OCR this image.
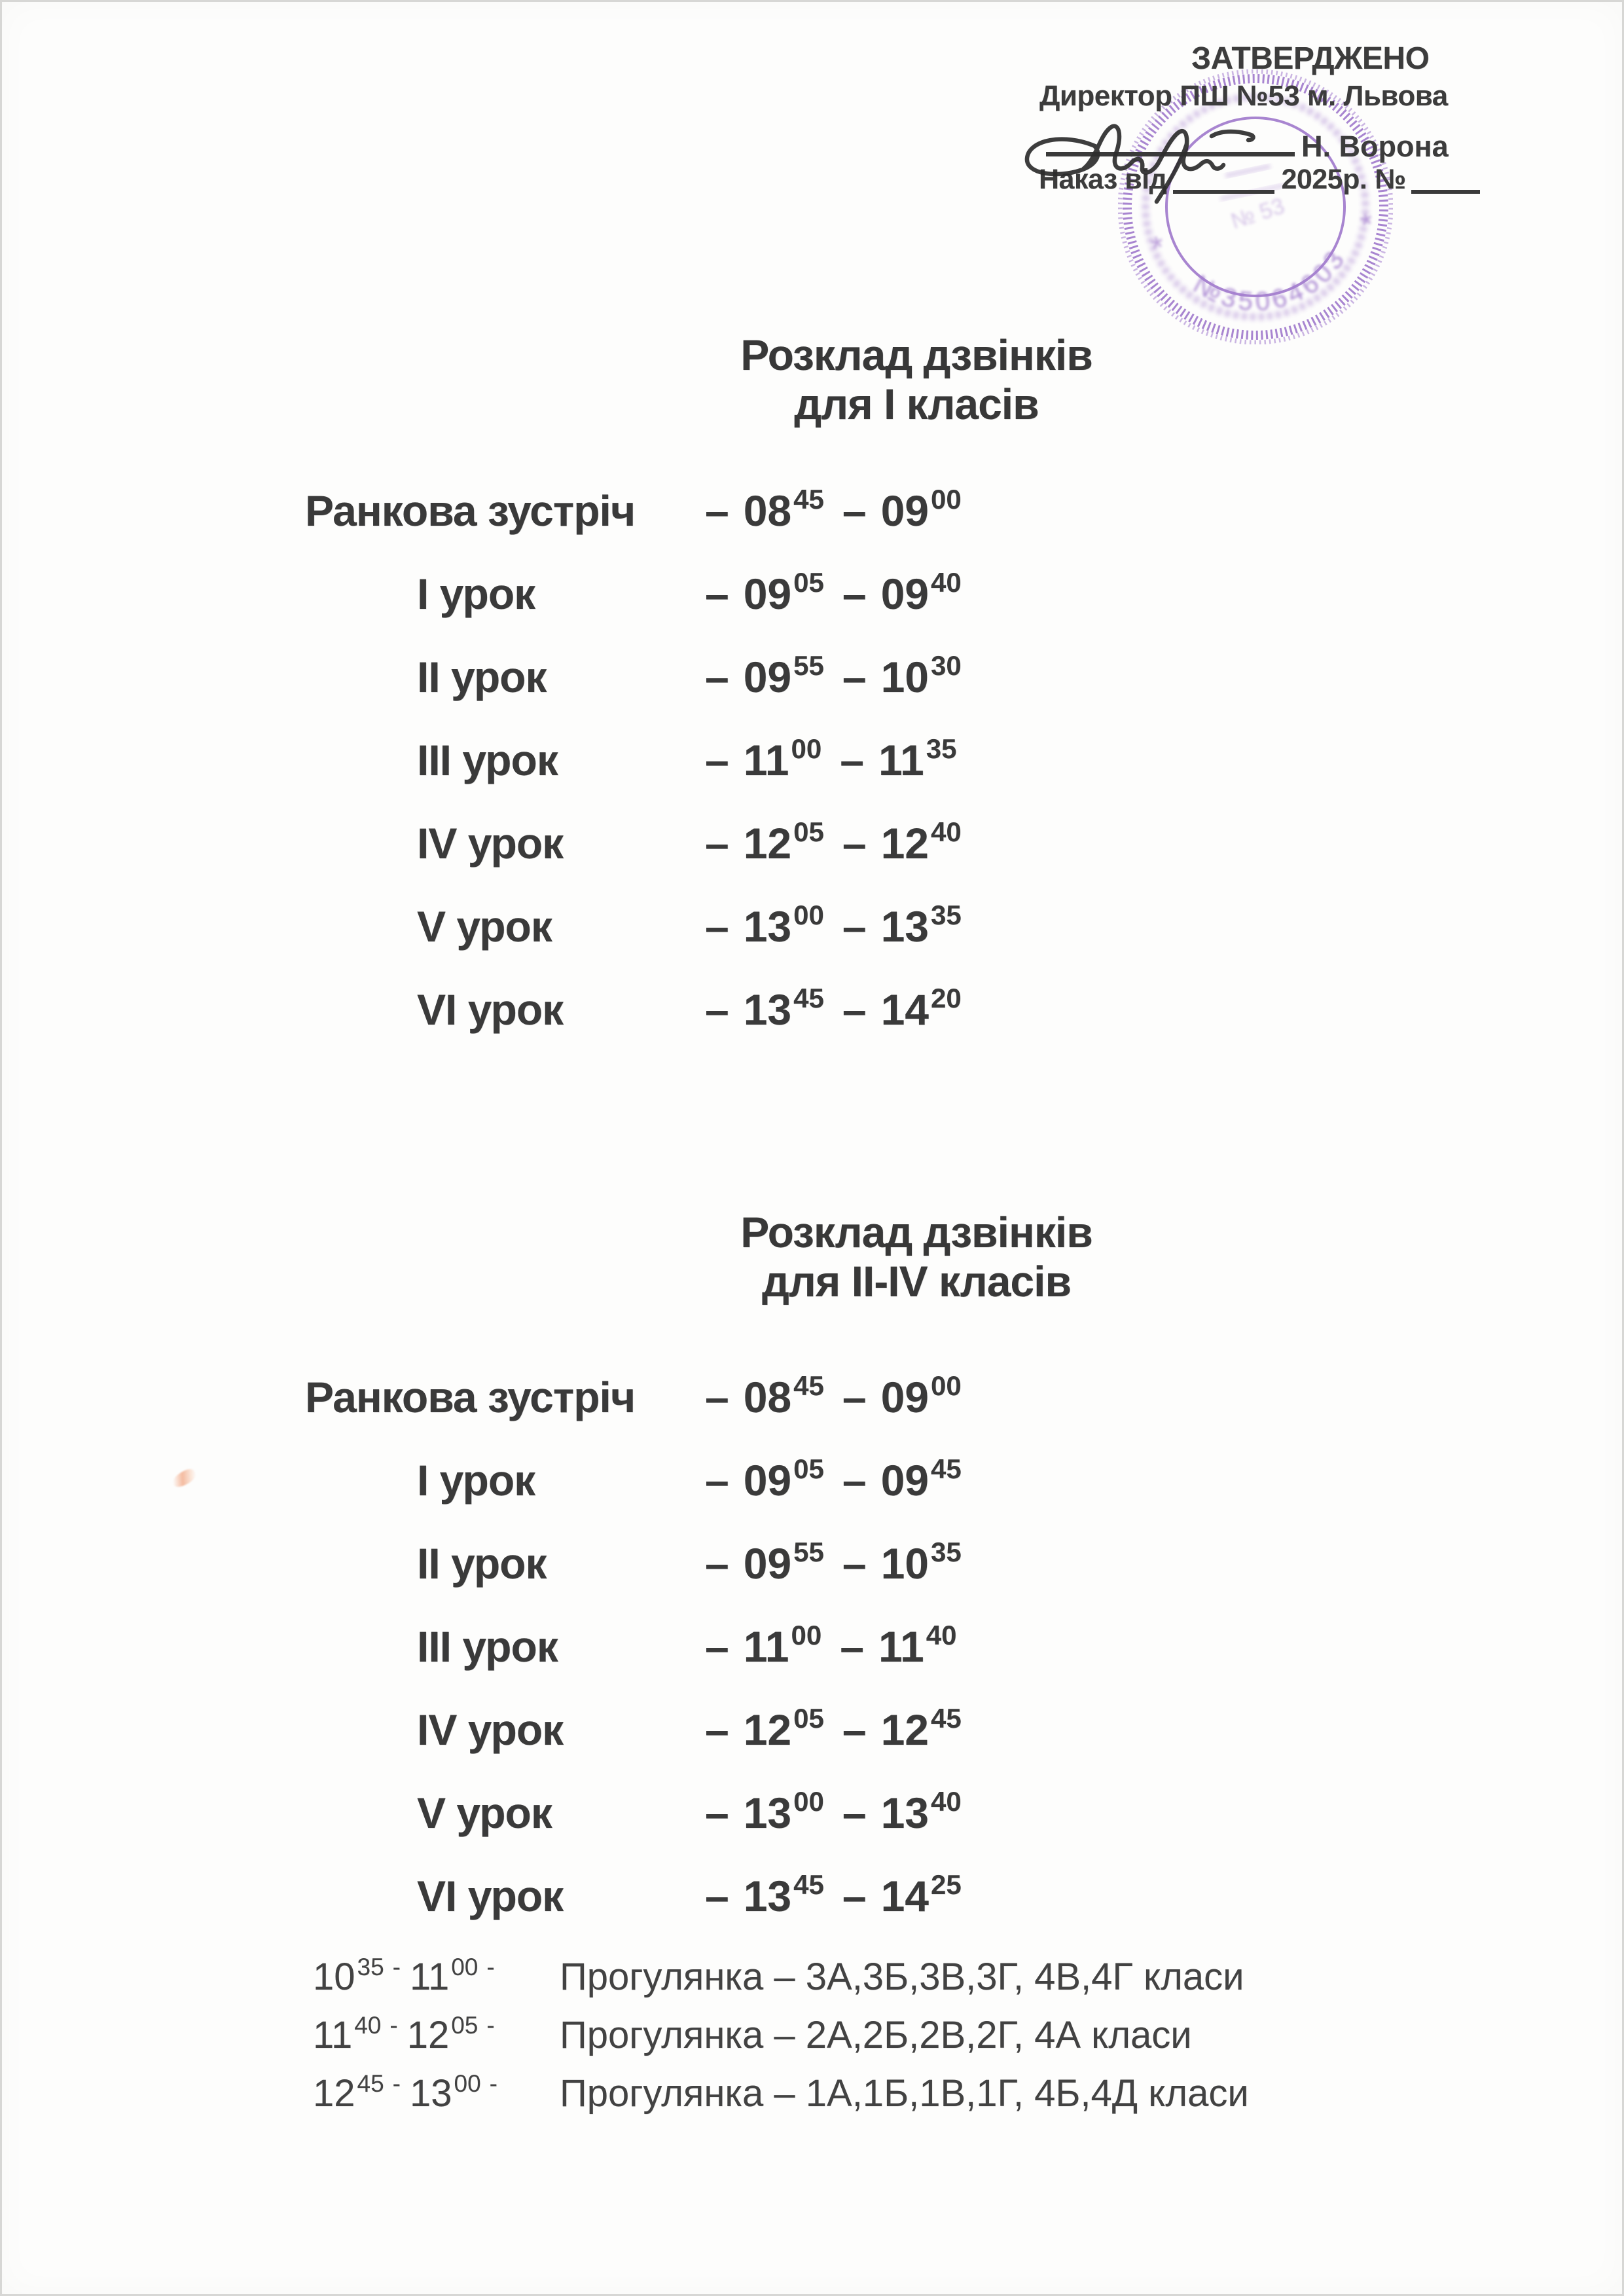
№ 53
№35064603
*
*
ЗАТВЕРДЖЕНО
Директор ПШ №53 м. Львова
Н. Ворона
Наказ від	2025р. №
Розклад дзвінків
для I класів
Ранкова зустріч	– 0845 – 0900
I урок	– 0905 – 0940
II урок	– 0955 – 1030
III урок	– 1100 – 1135
IV урок	– 1205 – 1240
V урок	– 1300 – 1335
VI урок	– 1345 – 1420
Розклад дзвінків
для II-IV класів
Ранкова зустріч	– 0845 – 0900
I урок	– 0905 – 0945
II урок	– 0955 – 1035
III урок	– 1100 – 1140
IV урок	– 1205 – 1245
V урок	– 1300 – 1340
VI урок	– 1345 – 1425
1035 - 1100 - Прогулянка – 3А,3Б,3В,3Г, 4В,4Г класи
1140 - 1205 - Прогулянка – 2А,2Б,2В,2Г, 4А класи
1245 - 1300 - Прогулянка – 1А,1Б,1В,1Г, 4Б,4Д класи
